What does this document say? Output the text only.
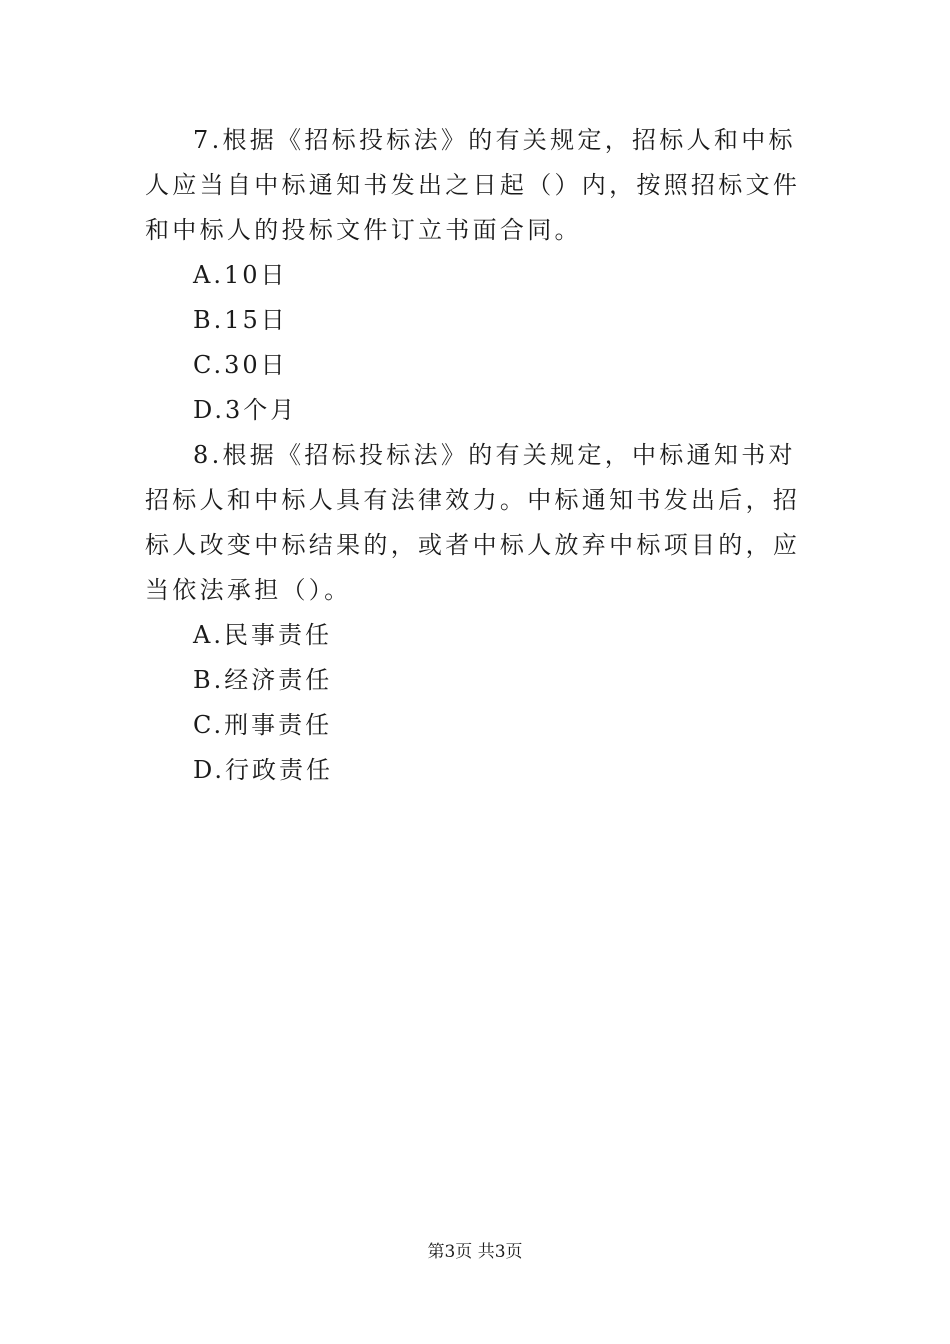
7.根据《招标投标法》的有关规定，招标人和中标人应当自中标通知书发出之日起（）内，按照招标文件和中标人的投标文件订立书面合同。

A.10日

B.15日

C.30日

D.3个月

8.根据《招标投标法》的有关规定，中标通知书对招标人和中标人具有法律效力。中标通知书发出后，招标人改变中标结果的，或者中标人放弃中标项目的，应当依法承担（）。

A.民事责任

B.经济责任

C.刑事责任

D.行政责任

第3页 共3页
